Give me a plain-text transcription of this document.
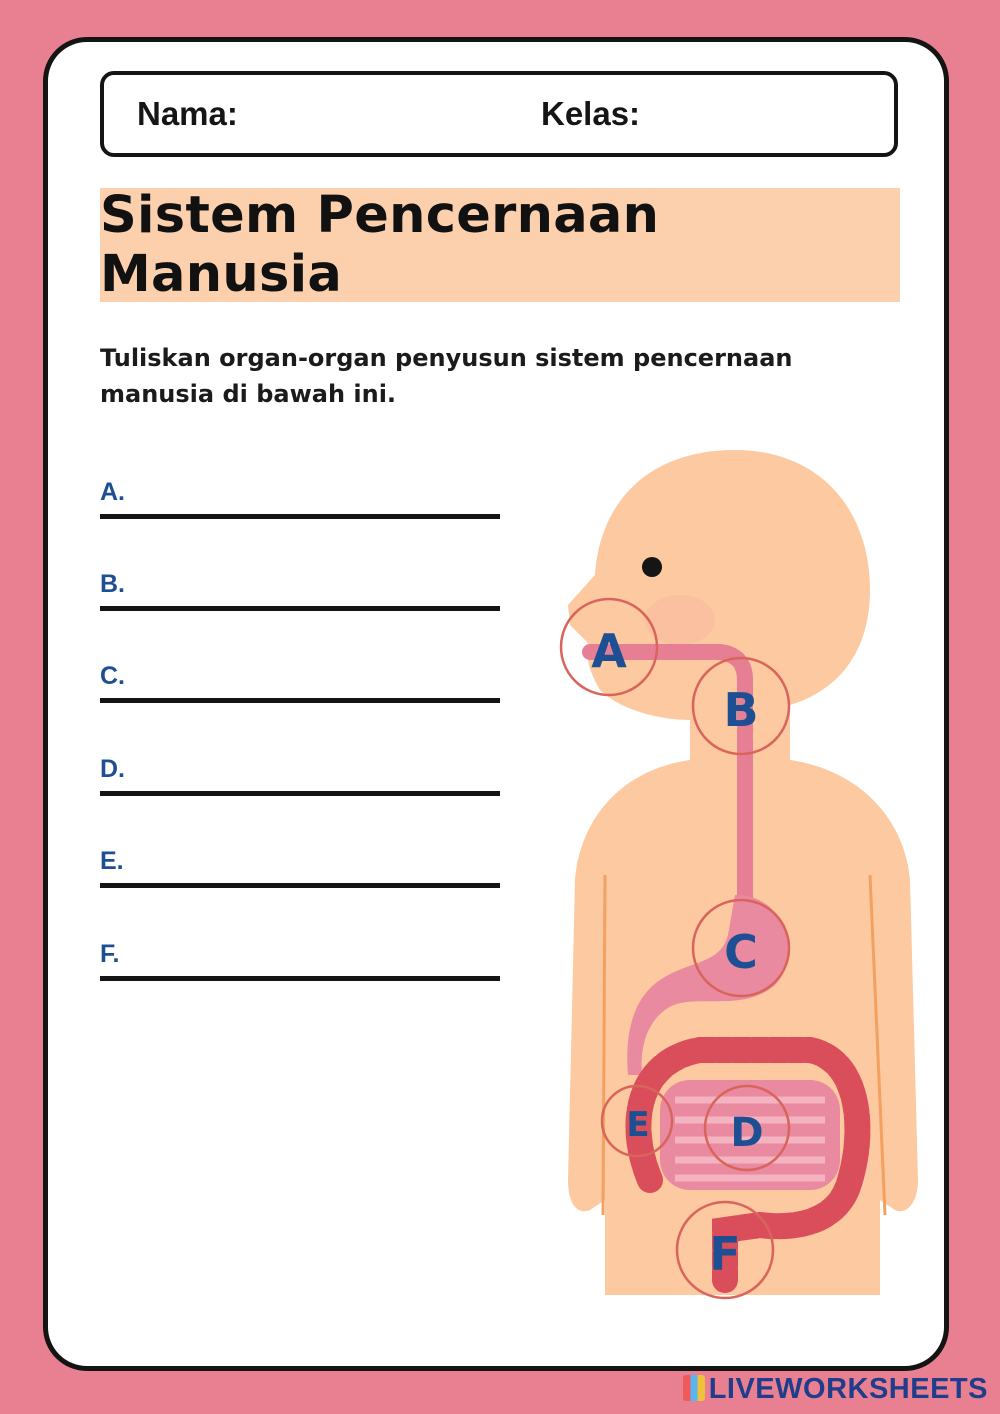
Nama:	Kelas:
Sistem Pencernaan Manusia
Tuliskan organ-organ penyusun sistem pencernaan
manusia di bawah ini.
A.
B.
C.
D.
E.
F.
A
B
C
D
E
F
LIVEWORKSHEETS
